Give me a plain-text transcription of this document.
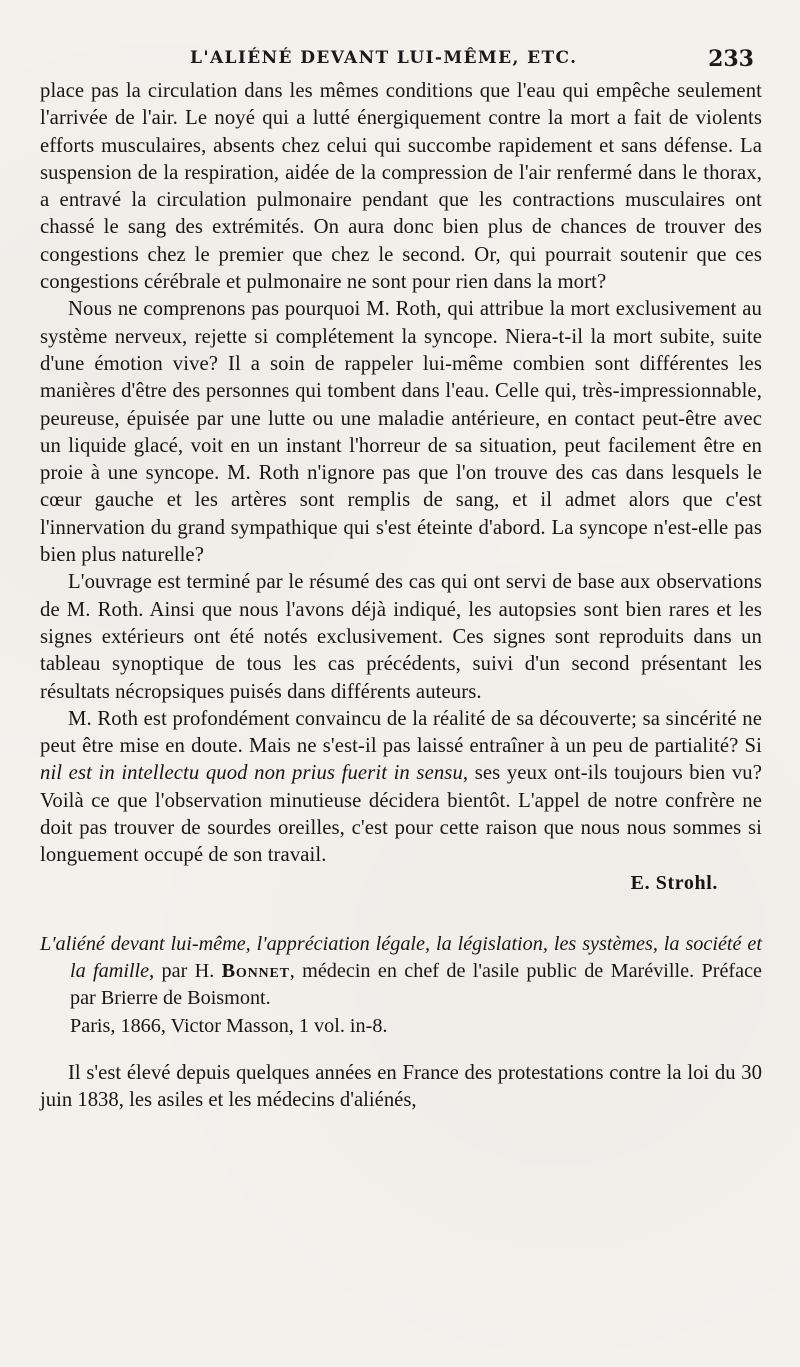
L'ALIÉNÉ DEVANT LUI-MÊME, ETC.	233

place pas la circulation dans les mêmes conditions que l'eau qui empêche seulement l'arrivée de l'air. Le noyé qui a lutté énergiquement contre la mort a fait de violents efforts musculaires, absents chez celui qui succombe rapidement et sans défense. La suspension de la respiration, aidée de la compression de l'air renfermé dans le thorax, a entravé la circulation pulmonaire pendant que les contractions musculaires ont chassé le sang des extrémités. On aura donc bien plus de chances de trouver des congestions chez le premier que chez le second. Or, qui pourrait soutenir que ces congestions cérébrale et pulmonaire ne sont pour rien dans la mort?

Nous ne comprenons pas pourquoi M. Roth, qui attribue la mort exclusivement au système nerveux, rejette si complétement la syncope. Niera-t-il la mort subite, suite d'une émotion vive? Il a soin de rappeler lui-même combien sont différentes les manières d'être des personnes qui tombent dans l'eau. Celle qui, très-impressionnable, peureuse, épuisée par une lutte ou une maladie antérieure, en contact peut-être avec un liquide glacé, voit en un instant l'horreur de sa situation, peut facilement être en proie à une syncope. M. Roth n'ignore pas que l'on trouve des cas dans lesquels le cœur gauche et les artères sont remplis de sang, et il admet alors que c'est l'innervation du grand sympathique qui s'est éteinte d'abord. La syncope n'est-elle pas bien plus naturelle?

L'ouvrage est terminé par le résumé des cas qui ont servi de base aux observations de M. Roth. Ainsi que nous l'avons déjà indiqué, les autopsies sont bien rares et les signes extérieurs ont été notés exclusivement. Ces signes sont reproduits dans un tableau synoptique de tous les cas précédents, suivi d'un second présentant les résultats nécropsiques puisés dans différents auteurs.

M. Roth est profondément convaincu de la réalité de sa découverte; sa sincérité ne peut être mise en doute. Mais ne s'est-il pas laissé entraîner à un peu de partialité? Si nil est in intellectu quod non prius fuerit in sensu, ses yeux ont-ils toujours bien vu? Voilà ce que l'observation minutieuse décidera bientôt. L'appel de notre confrère ne doit pas trouver de sourdes oreilles, c'est pour cette raison que nous nous sommes si longuement occupé de son travail.

E. Strohl.
L'aliéné devant lui-même, l'appréciation légale, la législation, les systèmes, la société et la famille, par H. Bonnet, médecin en chef de l'asile public de Maréville. Préface par Brierre de Boismont.
Paris, 1866, Victor Masson, 1 vol. in-8.

Il s'est élevé depuis quelques années en France des protestations contre la loi du 30 juin 1838, les asiles et les médecins d'aliénés,
